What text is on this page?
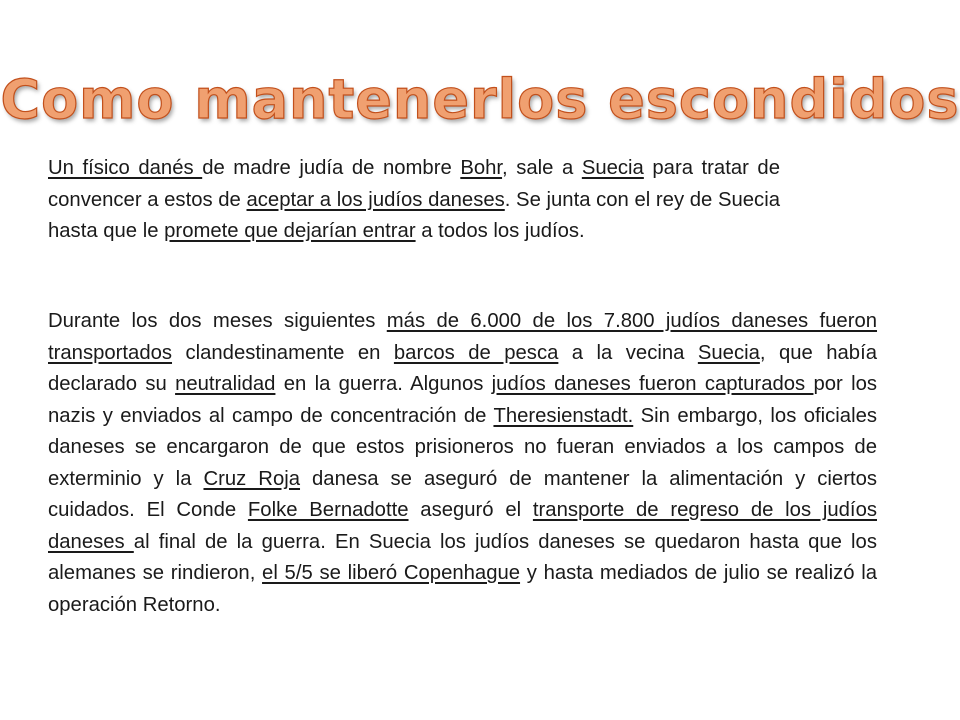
Como mantenerlos escondidos

Un físico danés de madre judía de nombre Bohr, sale a Suecia para tratar de convencer a estos de aceptar a los judíos daneses. Se junta con el rey de Suecia hasta que le promete que dejarían entrar a todos los judíos.

Durante los dos meses siguientes más de 6.000 de los 7.800 judíos daneses fueron transportados clandestinamente en barcos de pesca a la vecina Suecia, que había declarado su neutralidad en la guerra. Algunos judíos daneses fueron capturados por los nazis y enviados al campo de concentración de Theresienstadt. Sin embargo, los oficiales daneses se encargaron de que estos prisioneros no fueran enviados a los campos de exterminio y la Cruz Roja danesa se aseguró de mantener la alimentación y ciertos cuidados. El Conde Folke Bernadotte aseguró el transporte de regreso de los judíos daneses al final de la guerra. En Suecia los judíos daneses se quedaron hasta que los alemanes se rindieron, el 5/5 se liberó Copenhague y hasta mediados de julio se realizó la operación Retorno.
